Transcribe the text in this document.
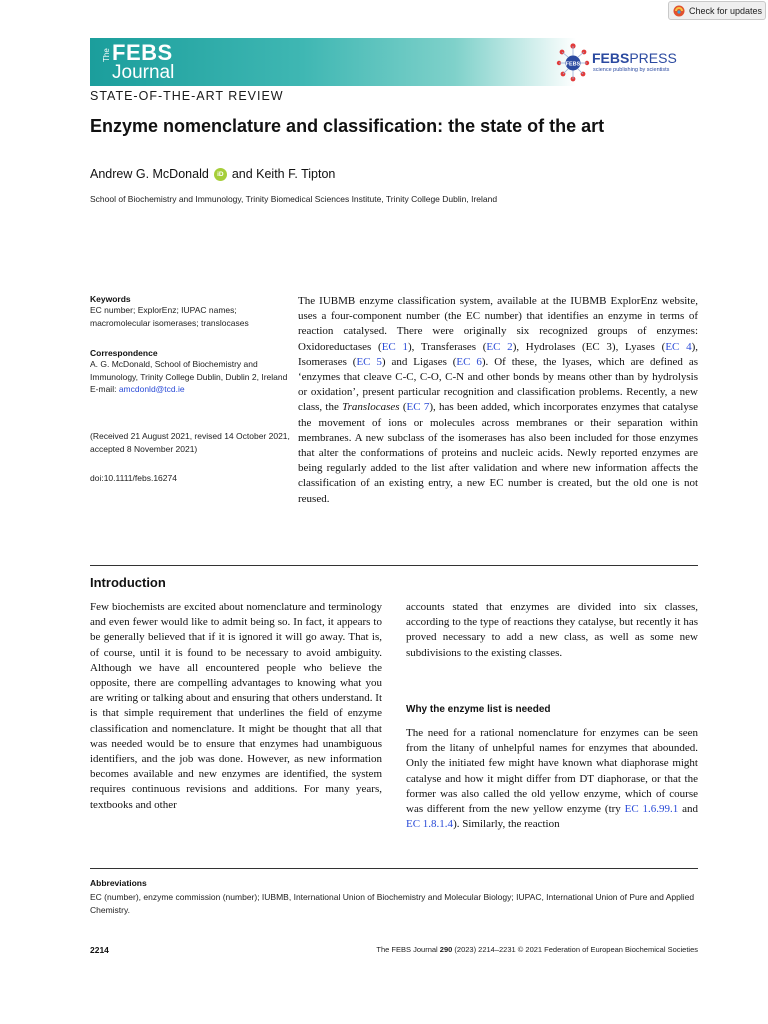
Check for updates
The FEBS
Journal	FEBS FEBSPRESS
science publishing by scientists
STATE-OF-THE-ART REVIEW
Enzyme nomenclature and classification: the state of the art
Andrew G. McDonald	iD and Keith F. Tipton
School of Biochemistry and Immunology, Trinity Biomedical Sciences Institute, Trinity College Dublin, Ireland
Keywords
EC number; ExplorEnz; IUPAC names; macromolecular isomerases; translocases
Correspondence
A. G. McDonald, School of Biochemistry and Immunology, Trinity College Dublin, Dublin 2, Ireland
E-mail: amcdonld@tcd.ie
(Received 21 August 2021, revised 14 October 2021, accepted 8 November 2021)
doi:10.1111/febs.16274

The IUBMB enzyme classification system, available at the IUBMB ExplorEnz website, uses a four-component number (the EC number) that identifies an enzyme in terms of reaction catalysed. There were originally six recognized groups of enzymes: Oxidoreductases (EC 1), Transferases (EC 2), Hydrolases (EC 3), Lyases (EC 4), Isomerases (EC 5) and Ligases (EC 6). Of these, the lyases, which are defined as ‘enzymes that cleave C-C, C-O, C-N and other bonds by means other than by hydrolysis or oxidation’, present particular recognition and classification problems. Recently, a new class, the Translocases (EC 7), has been added, which incorporates enzymes that catalyse the movement of ions or molecules across membranes or their separation within membranes. A new subclass of the isomerases has also been included for those enzymes that alter the conformations of proteins and nucleic acids. Newly reported enzymes are being regularly added to the list after validation and where new information affects the classification of an existing entry, a new EC number is created, but the old one is not reused.

Introduction

Few biochemists are excited about nomenclature and terminology and even fewer would like to admit being so. In fact, it appears to be generally believed that if it is ignored it will go away. That is, of course, until it is found to be necessary to avoid ambiguity. Although we have all encountered people who believe the opposite, there are compelling advantages to knowing what you are writing or talking about and ensuring that others understand. It is that simple requirement that underlines the field of enzyme classification and nomenclature. It might be thought that all that was needed would be to ensure that enzymes had unambiguous identifiers, and the job was done. However, as new information becomes available and new enzymes are identified, the system requires continuous revisions and additions. For many years, textbooks and other

accounts stated that enzymes are divided into six classes, according to the type of reactions they catalyse, but recently it has proved necessary to add a new class, as well as some new subdivisions to the existing classes.

Why the enzyme list is needed

The need for a rational nomenclature for enzymes can be seen from the litany of unhelpful names for enzymes that abounded. Only the initiated few might have known what diaphorase might catalyse and how it might differ from DT diaphorase, or that the former was also called the old yellow enzyme, which of course was different from the new yellow enzyme (try EC 1.6.99.1 and EC 1.8.1.4). Similarly, the reaction

Abbreviations
EC (number), enzyme commission (number); IUBMB, International Union of Biochemistry and Molecular Biology; IUPAC, International Union of Pure and Applied Chemistry.
2214	The FEBS Journal 290 (2023) 2214–2231 © 2021 Federation of European Biochemical Societies
